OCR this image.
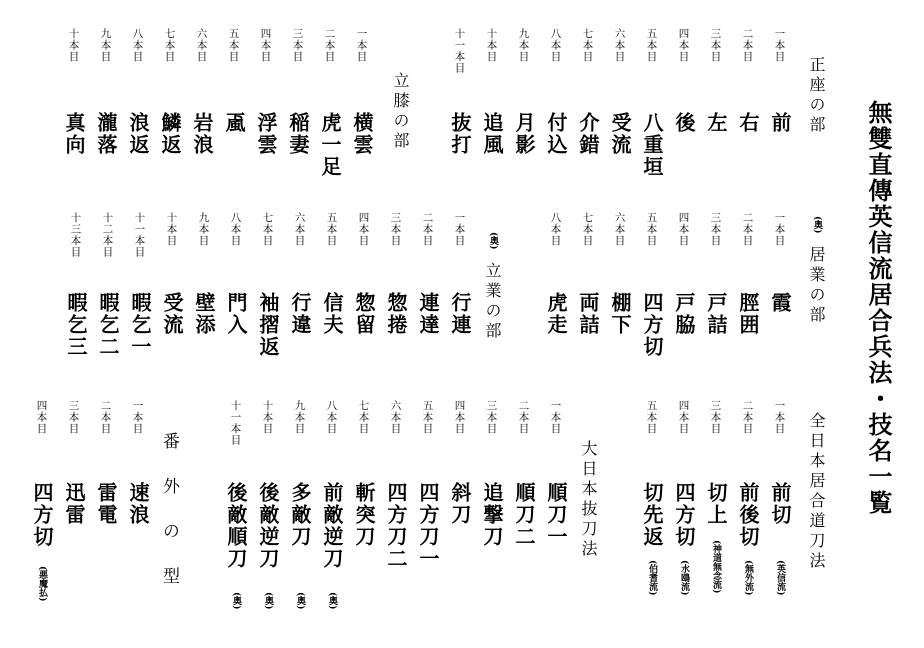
無雙直傳英信流居合兵法・技名一覧
正座の部
一本目
前
二本目
右
三本目
左
四本目
後
五本目
八重垣
六本目
受流
七本目
介錯
八本目
付込
九本目
月影
十本目
追風
十一本目
抜打
立膝の部
一本目
横雲
二本目
虎一足
三本目
稲妻
四本目
浮雲
五本目
颪
六本目
岩浪
七本目
鱗返
八本目
浪返
九本目
瀧落
十本目
真向
(奥)
居業の部
一本目
霞
二本目
脛囲
三本目
戸詰
四本目
戸脇
五本目
四方切
六本目
棚下
七本目
両詰
八本目
虎走
(奥)
立業の部
一本目
行連
二本目
連達
三本目
惣捲
四本目
惣留
五本目
信夫
六本目
行違
七本目
袖摺返
八本目
門入
九本目
壁添
十本目
受流
十一本目
暇乞一
十二本目
暇乞二
十三本目
暇乞三
全日本居合道刀法
一本目
前切
(英信流)
二本目
前後切
(無外流)
三本目
切上
(神道無念流)
四本目
四方切
(水鴎流)
五本目
切先返
(伯耆流)
大日本抜刀法
一本目
順刀一
二本目
順刀二
三本目
追撃刀
四本目
斜刀
五本目
四方刀一
六本目
四方刀二
七本目
斬突刀
八本目
前敵逆刀
(奥)
九本目
多敵刀
(奥)
十本目
後敵逆刀
(奥)
十一本目
後敵順刀
(奥)
番外の型
一本目
速浪
二本目
雷電
三本目
迅雷
四本目
四方切
(悪魔払)
